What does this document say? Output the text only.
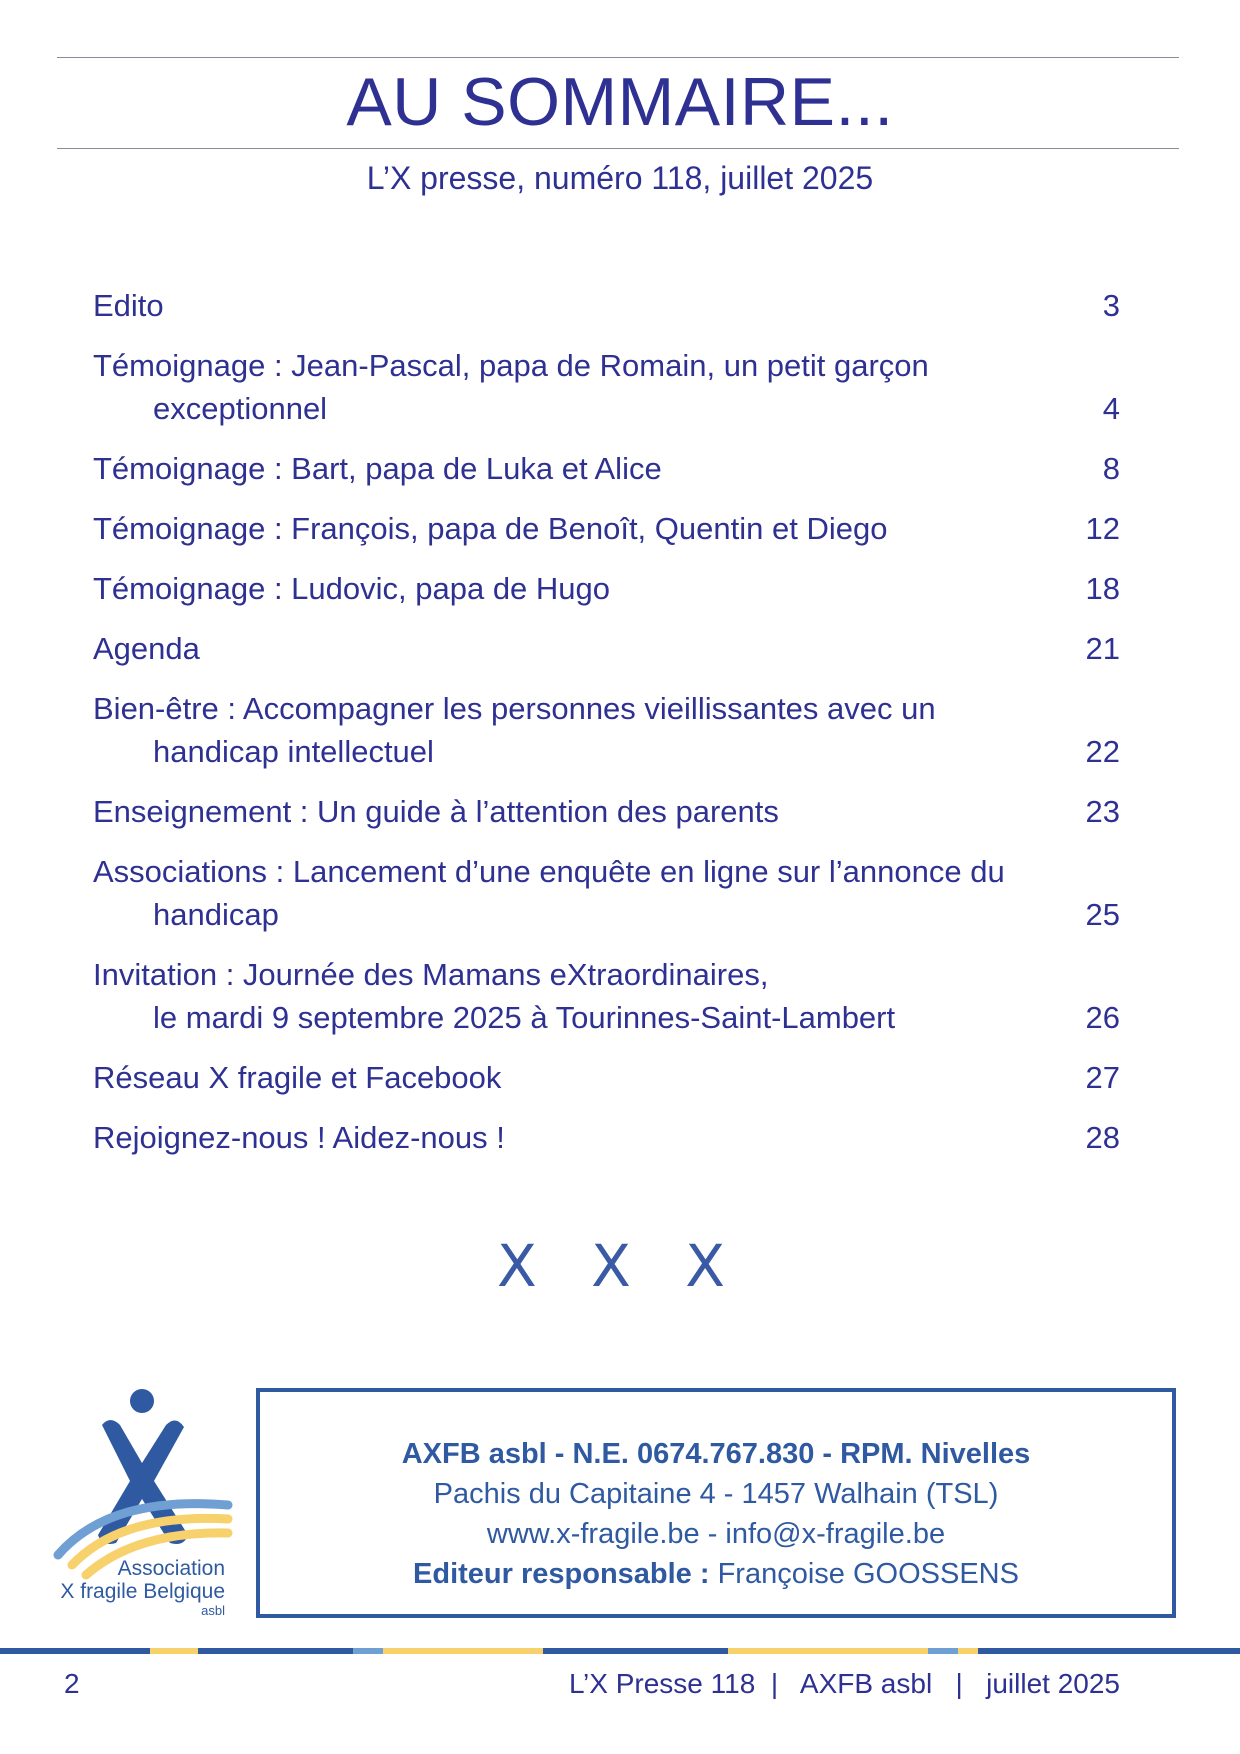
AU SOMMAIRE...
L’X presse, numéro 118, juillet 2025
Edito	3
Témoignage : Jean-Pascal, papa de Romain, un petit garçon
exceptionnel	4
Témoignage : Bart, papa de Luka et Alice	8
Témoignage : François, papa de Benoît, Quentin et Diego	12
Témoignage : Ludovic, papa de Hugo	18
Agenda	21
Bien-être : Accompagner les personnes vieillissantes avec un
handicap intellectuel	22
Enseignement : Un guide à l’attention des parents	23
Associations : Lancement d’une enquête en ligne sur l’annonce du
handicap	25
Invitation : Journée des Mamans eXtraordinaires,
le mardi 9 septembre 2025 à Tourinnes-Saint-Lambert	26
Réseau X fragile et Facebook	27
Rejoignez-nous ! Aidez-nous !	28
X X X
Association
X fragile Belgique
asbl
AXFB asbl - N.E. 0674.767.830 - RPM. Nivelles
Pachis du Capitaine 4 - 1457 Walhain (TSL)
www.x-fragile.be - info@x-fragile.be
Editeur responsable : Françoise GOOSSENS
2	L’X Presse 118  |   AXFB asbl   |   juillet 2025
